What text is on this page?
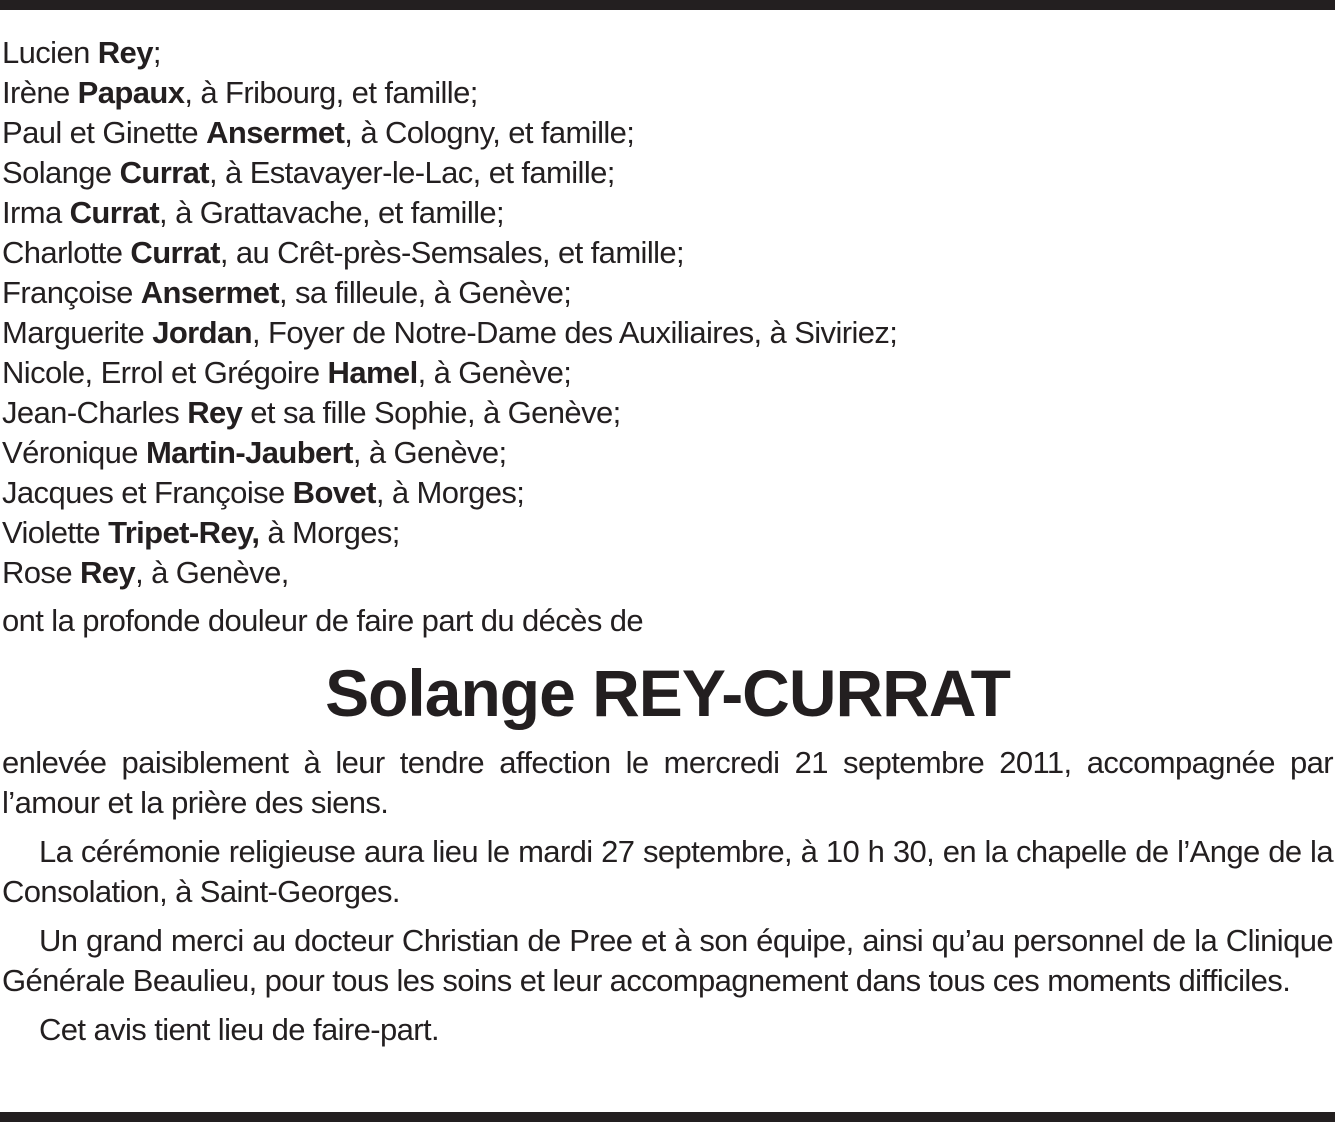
Lucien Rey;
Irène Papaux, à Fribourg, et famille;
Paul et Ginette Ansermet, à Cologny, et famille;
Solange Currat, à Estavayer-le-Lac, et famille;
Irma Currat, à Grattavache, et famille;
Charlotte Currat, au Crêt-près-Semsales, et famille;
Françoise Ansermet, sa filleule, à Genève;
Marguerite Jordan, Foyer de Notre-Dame des Auxiliaires, à Siviriez;
Nicole, Errol et Grégoire Hamel, à Genève;
Jean-Charles Rey et sa fille Sophie, à Genève;
Véronique Martin-Jaubert, à Genève;
Jacques et Françoise Bovet, à Morges;
Violette Tripet-Rey, à Morges;
Rose Rey, à Genève,
ont la profonde douleur de faire part du décès de
Solange REY-CURRAT

enlevée paisiblement à leur tendre affection le mercredi 21 septembre 2011, accompagnée par l’amour et la prière des siens.

La cérémonie religieuse aura lieu le mardi 27 septembre, à 10 h 30, en la chapelle de l’Ange de la Consolation, à Saint-Georges.

Un grand merci au docteur Christian de Pree et à son équipe, ainsi qu’au personnel de la Clinique Générale Beaulieu, pour tous les soins et leur accompagnement dans tous ces moments difficiles.

Cet avis tient lieu de faire-part.
